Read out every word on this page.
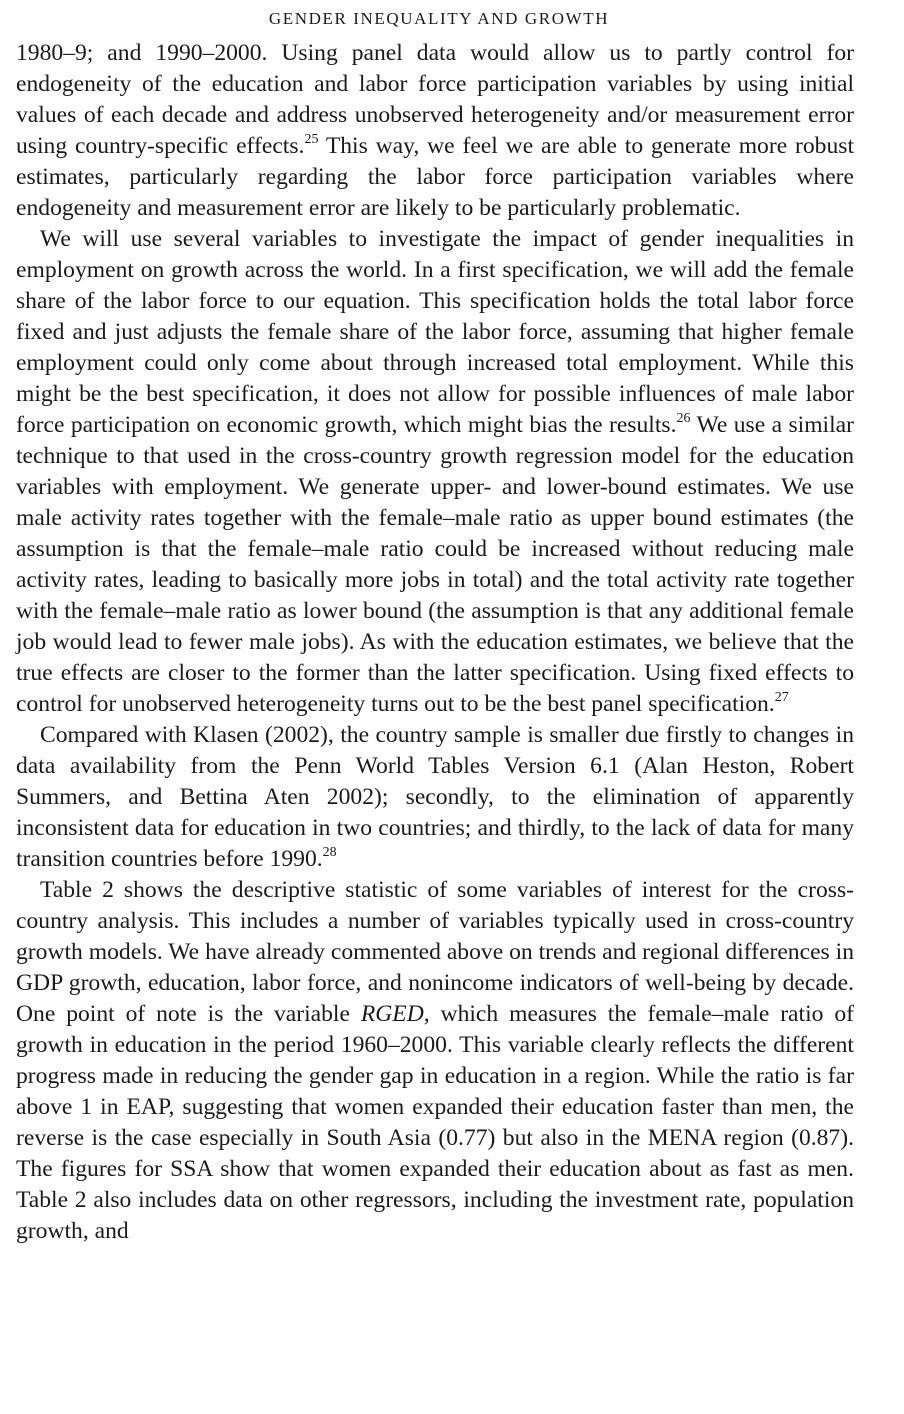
GENDER INEQUALITY AND GROWTH

1980–9; and 1990–2000. Using panel data would allow us to partly control for endogeneity of the education and labor force participation variables by using initial values of each decade and address unobserved heterogeneity and/or measurement error using country-specific effects.$^{25}$ This way, we feel we are able to generate more robust estimates, particularly regarding the labor force participation variables where endogeneity and measurement error are likely to be particularly problematic.

We will use several variables to investigate the impact of gender inequalities in employment on growth across the world. In a first specification, we will add the female share of the labor force to our equation. This specification holds the total labor force fixed and just adjusts the female share of the labor force, assuming that higher female employment could only come about through increased total employment. While this might be the best specification, it does not allow for possible influences of male labor force participation on economic growth, which might bias the results.$^{26}$ We use a similar technique to that used in the cross-country growth regression model for the education variables with employment. We generate upper- and lower-bound estimates. We use male activity rates together with the female–male ratio as upper bound estimates (the assumption is that the female–male ratio could be increased without reducing male activity rates, leading to basically more jobs in total) and the total activity rate together with the female–male ratio as lower bound (the assumption is that any additional female job would lead to fewer male jobs). As with the education estimates, we believe that the true effects are closer to the former than the latter specification. Using fixed effects to control for unobserved heterogeneity turns out to be the best panel specification.$^{27}$

Compared with Klasen (2002), the country sample is smaller due firstly to changes in data availability from the Penn World Tables Version 6.1 (Alan Heston, Robert Summers, and Bettina Aten 2002); secondly, to the elimination of apparently inconsistent data for education in two countries; and thirdly, to the lack of data for many transition countries before 1990.28

Table 2 shows the descriptive statistic of some variables of interest for the cross-country analysis. This includes a number of variables typically used in cross-country growth models. We have already commented above on trends and regional differences in GDP growth, education, labor force, and nonincome indicators of well-being by decade. One point of note is the variable RGED, which measures the female–male ratio of growth in education in the period 1960–2000. This variable clearly reflects the different progress made in reducing the gender gap in education in a region. While the ratio is far above 1 in EAP, suggesting that women expanded their education faster than men, the reverse is the case especially in South Asia (0.77) but also in the MENA region (0.87). The figures for SSA show that women expanded their education about as fast as men. Table 2 also includes data on other regressors, including the investment rate, population growth, and
